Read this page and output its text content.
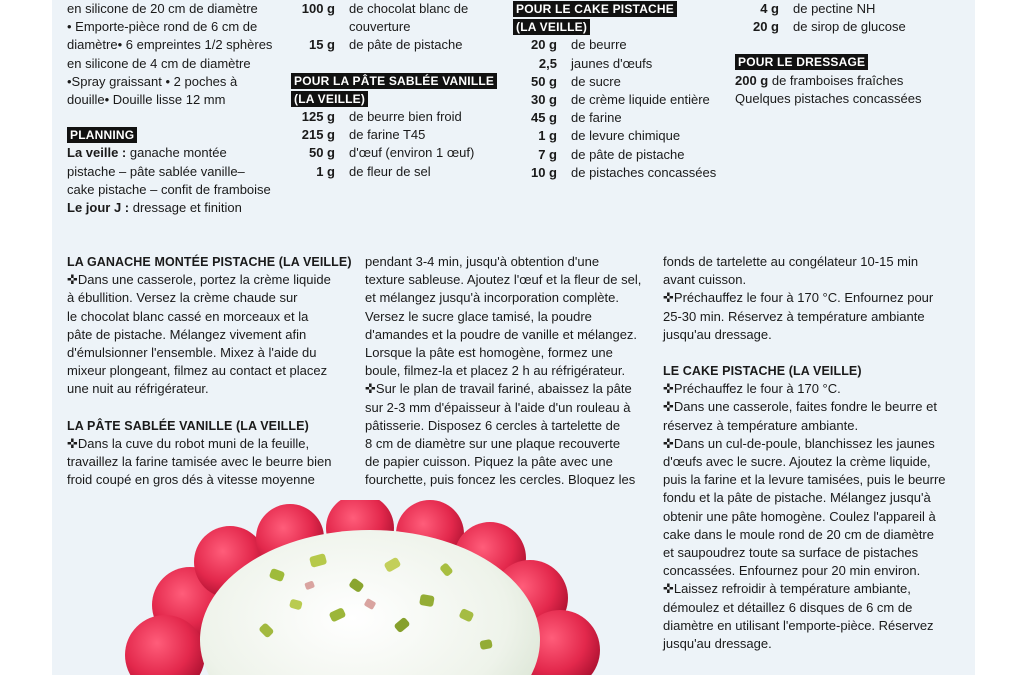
en silicone de 20 cm de diamètre

• Emporte-pièce rond de 6 cm de

diamètre• 6 empreintes 1/2 sphères

en silicone de 4 cm de diamètre

•Spray graissant • 2 poches à

douille• Douille lisse 12 mm

PLANNING

La veille : ganache montée

pistache – pâte sablée vanille–

cake pistache – confit de framboise

Le jour J : dressage et finition

100 g	de chocolat blanc de
couverture
15 g	de pâte de pistache
POUR LA PÂTE SABLÉE VANILLE
(LA VEILLE)
125 g	de beurre bien froid
215 g	de farine T45
50 g	d'œuf (environ 1 œuf)
1 g	de fleur de sel
POUR LE CAKE PISTACHE
(LA VEILLE)
20 g	de beurre
2,5	jaunes d'œufs
50 g	de sucre
30 g	de crème liquide entière
45 g	de farine
1 g	de levure chimique
7 g	de pâte de pistache
10 g	de pistaches concassées
4 g	de pectine NH
20 g	de sirop de glucose
POUR LE DRESSAGE

200 g de framboises fraîches

Quelques pistaches concassées

LA GANACHE MONTÉE PISTACHE (LA VEILLE)

✜Dans une casserole, portez la crème liquide

à ébullition. Versez la crème chaude sur

le chocolat blanc cassé en morceaux et la

pâte de pistache. Mélangez vivement afin

d'émulsionner l'ensemble. Mixez à l'aide du

mixeur plongeant, filmez au contact et placez

une nuit au réfrigérateur.

LA PÂTE SABLÉE VANILLE (LA VEILLE)

✜Dans la cuve du robot muni de la feuille,

travaillez la farine tamisée avec le beurre bien

froid coupé en gros dés à vitesse moyenne

pendant 3-4 min, jusqu'à obtention d'une

texture sableuse. Ajoutez l'œuf et la fleur de sel,

et mélangez jusqu'à incorporation complète.

Versez le sucre glace tamisé, la poudre

d'amandes et la poudre de vanille et mélangez.

Lorsque la pâte est homogène, formez une

boule, filmez-la et placez 2 h au réfrigérateur.

✜Sur le plan de travail fariné, abaissez la pâte

sur 2-3 mm d'épaisseur à l'aide d'un rouleau à

pâtisserie. Disposez 6 cercles à tartelette de

8 cm de diamètre sur une plaque recouverte

de papier cuisson. Piquez la pâte avec une

fourchette, puis foncez les cercles. Bloquez les

fonds de tartelette au congélateur 10-15 min

avant cuisson.

✜Préchauffez le four à 170 °C. Enfournez pour

25-30 min. Réservez à température ambiante

jusqu'au dressage.

LE CAKE PISTACHE (LA VEILLE)

✜Préchauffez le four à 170 °C.

✜Dans une casserole, faites fondre le beurre et

réservez à température ambiante.

✜Dans un cul-de-poule, blanchissez les jaunes

d'œufs avec le sucre. Ajoutez la crème liquide,

puis la farine et la levure tamisées, puis le beurre

fondu et la pâte de pistache. Mélangez jusqu'à

obtenir une pâte homogène. Coulez l'appareil à

cake dans le moule rond de 20 cm de diamètre

et saupoudrez toute sa surface de pistaches

concassées. Enfournez pour 20 min environ.

✜Laissez refroidir à température ambiante,

démoulez et détaillez 6 disques de 6 cm de

diamètre en utilisant l'emporte-pièce. Réservez

jusqu'au dressage.
